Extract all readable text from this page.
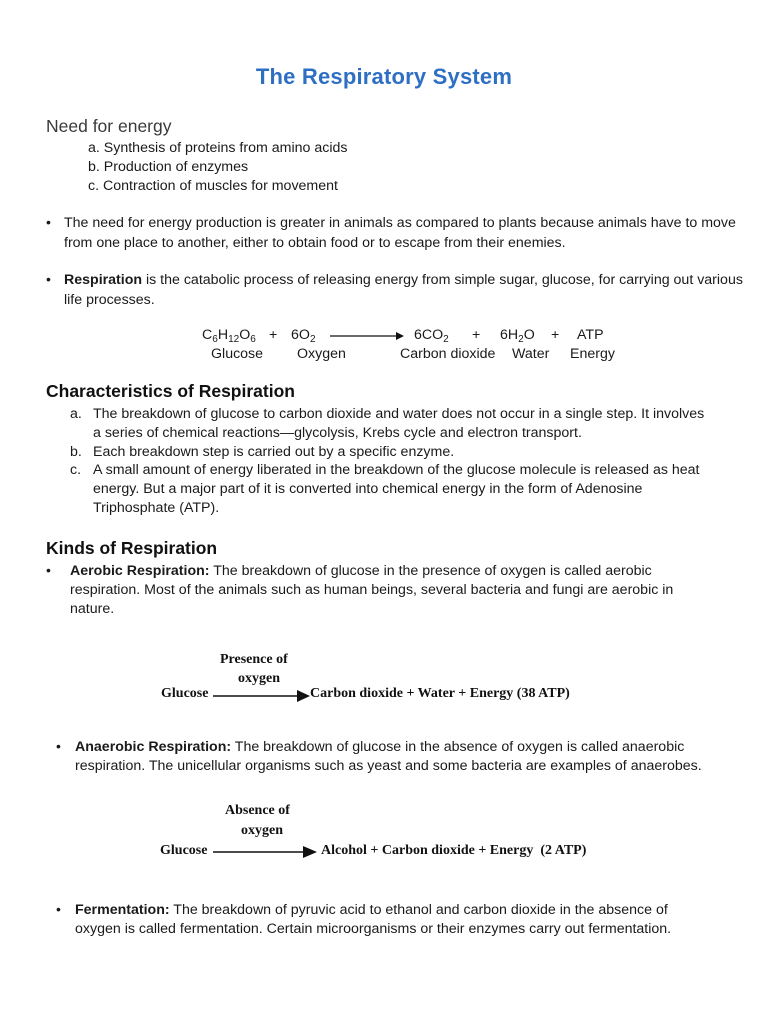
The Respiratory System
Need for energy
a. Synthesis of proteins from amino acids
b. Production of enzymes
c. Contraction of muscles for movement
• The need for energy production is greater in animals as compared to plants because animals have to move from one place to another, either to obtain food or to escape from their enemies.
• Respiration is the catabolic process of releasing energy from simple sugar, glucose, for carrying out various life processes.
$C_6H_{12}O_6 + 6O_2$	$6CO_2 + 6H_2O$ + ATP
Glucose Oxygen	Carbon dioxide Water Energy
Characteristics of Respiration
a. The breakdown of glucose to carbon dioxide and water does not occur in a single step. It involves
a series of chemical reactions—glycolysis, Krebs cycle and electron transport.
b. Each breakdown step is carried out by a specific enzyme.
c. A small amount of energy liberated in the breakdown of the glucose molecule is released as heat
energy. But a major part of it is converted into chemical energy in the form of Adenosine
Triphosphate (ATP).
Kinds of Respiration
• Aerobic Respiration: The breakdown of glucose in the presence of oxygen is called aerobic
respiration. Most of the animals such as human beings, several bacteria and fungi are aerobic in
nature.
Presence of
oxygen
Glucose	Carbon dioxide + Water + Energy (38 ATP)
• Anaerobic Respiration: The breakdown of glucose in the absence of oxygen is called anaerobic
respiration. The unicellular organisms such as yeast and some bacteria are examples of anaerobes.
Absence of
oxygen
Glucose	Alcohol + Carbon dioxide + Energy  (2 ATP)
• Fermentation: The breakdown of pyruvic acid to ethanol and carbon dioxide in the absence of
oxygen is called fermentation. Certain microorganisms or their enzymes carry out fermentation.
